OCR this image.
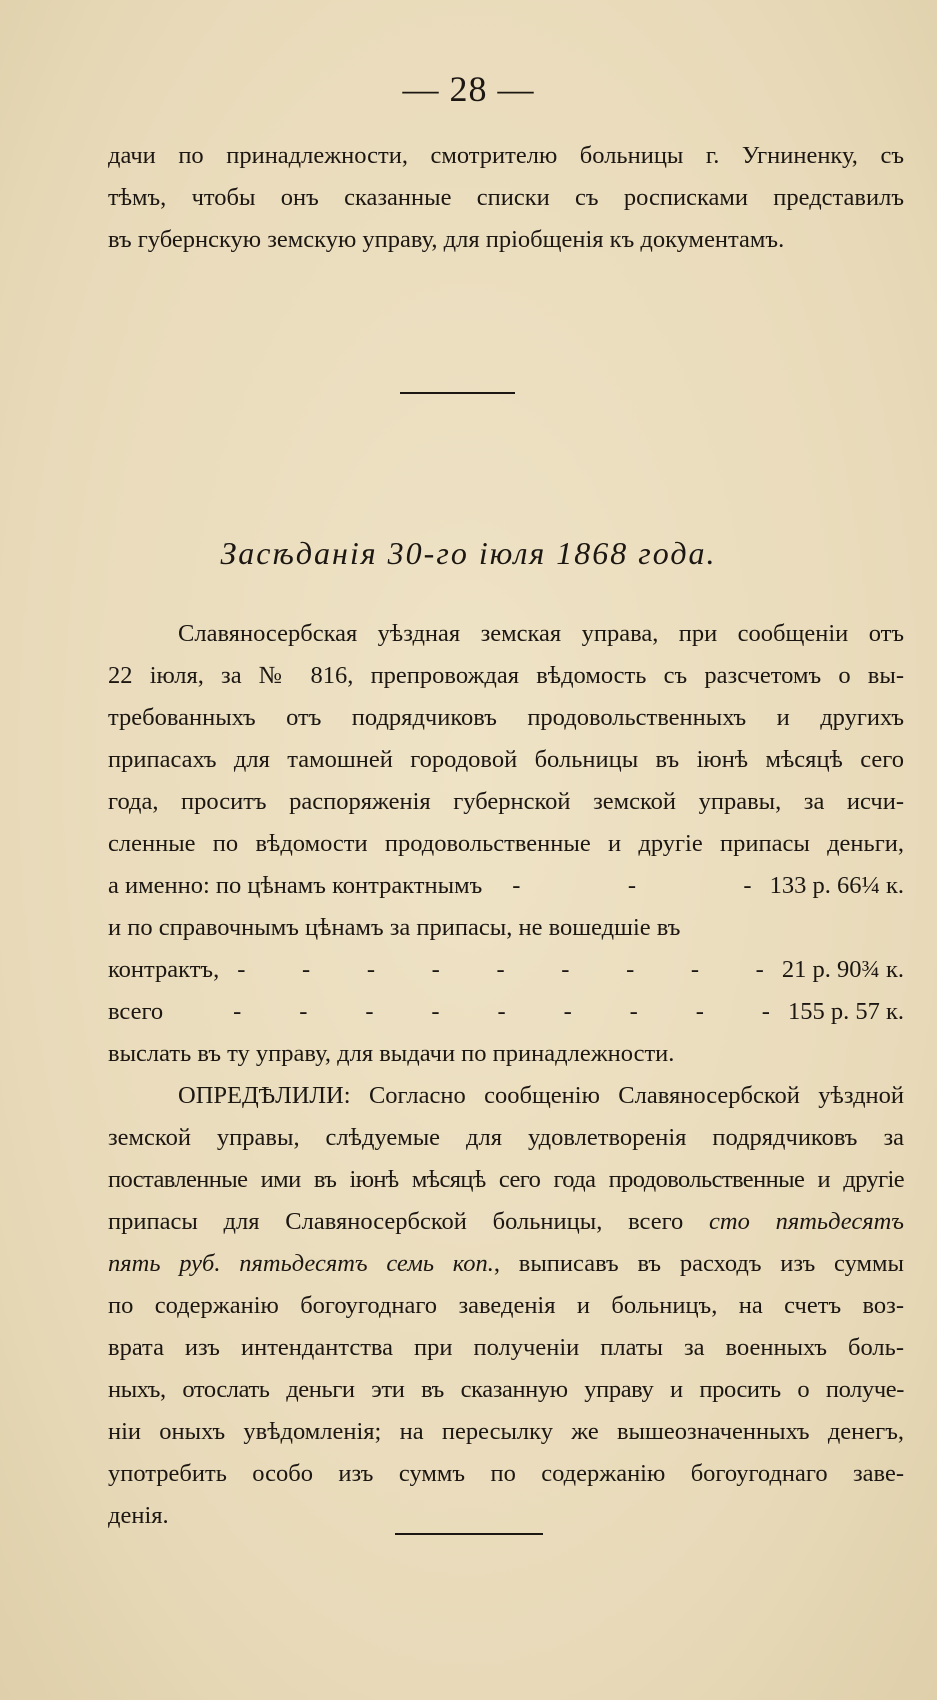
— 28 —
дачи по принадлежности, смотрителю больницы г. Угниненку, съ
тѣмъ, чтобы онъ сказанные списки съ росписками представилъ
въ губернскую земскую управу, для пріобщенія къ документамъ.
Засѣданія 30-го іюля 1868 года.
Славяносербская уѣздная земская управа, при сообщеніи отъ
22 іюля, за № 816, препровождая вѣдомость съ разсчетомъ о вы-
требованныхъ отъ подрядчиковъ продовольственныхъ и другихъ
припасахъ для тамошней городовой больницы въ іюнѣ мѣсяцѣ сего
года, проситъ распоряженія губернской земской управы, за исчи-
сленные по вѣдомости продовольственные и другіе припасы деньги,
а именно: по цѣнамъ контрактнымъ	- - - 133 р. 66¼ к.
и по справочнымъ цѣнамъ за припасы, не вошедшіе въ
контрактъ, - - - - - - - - - 21 р. 90¾ к.
всего	- - - - - - - - - 155 р. 57 к.
выслать въ ту управу, для выдачи по принадлежности.
ОПРЕДѢЛИЛИ: Согласно сообщенію Славяносербской уѣздной
земской управы, слѣдуемые для удовлетворенія подрядчиковъ за
поставленные ими въ іюнѣ мѣсяцѣ сего года продовольственные и другіе
припасы для Славяносербской больницы, всего сто пятьдесятъ
пять руб. пятьдесятъ семь коп., выписавъ въ расходъ изъ суммы
по содержанію богоугоднаго заведенія и больницъ, на счетъ воз-
врата изъ интендантства при полученіи платы за военныхъ боль-
ныхъ, отослать деньги эти въ сказанную управу и просить о получе-
ніи оныхъ увѣдомленія; на пересылку же вышеозначенныхъ денегъ,
употребить особо изъ суммъ по содержанію богоугоднаго заве-
денія.
